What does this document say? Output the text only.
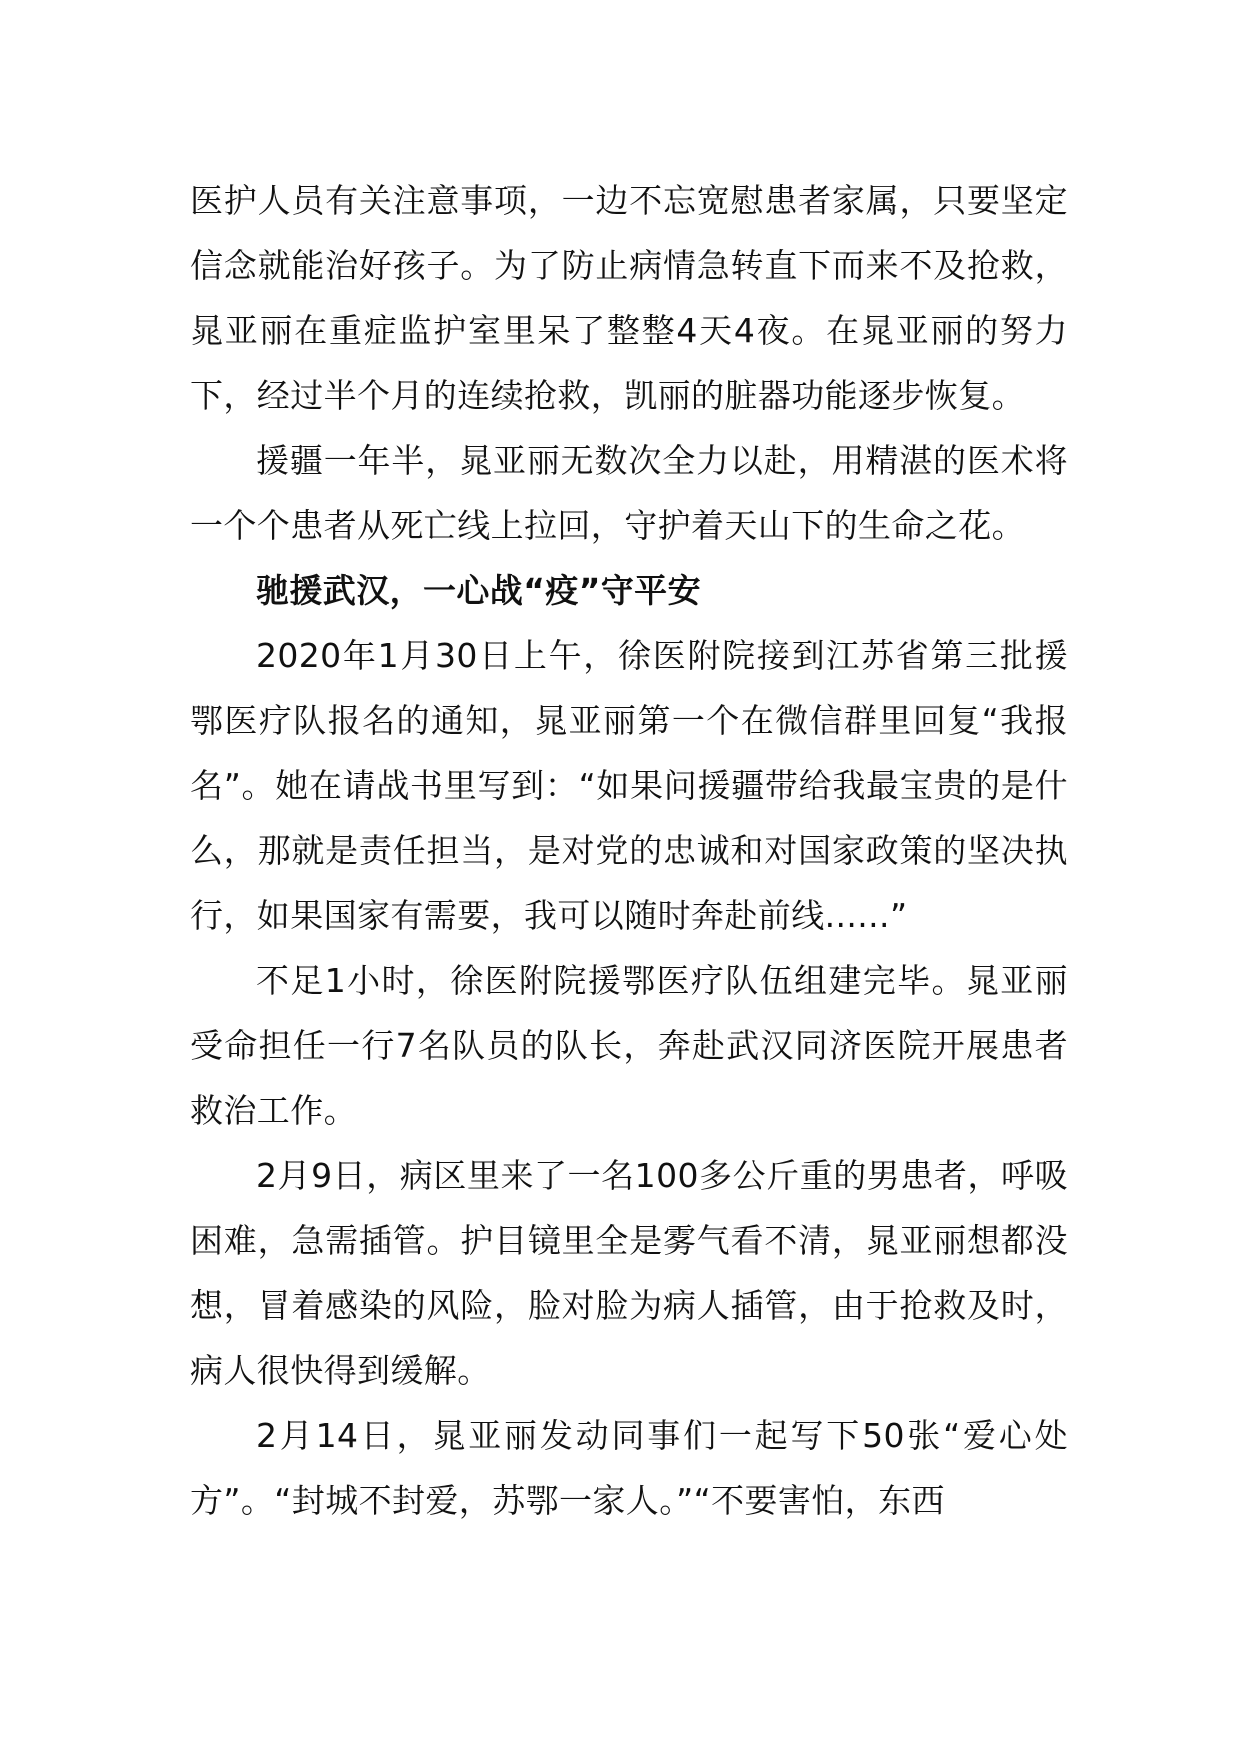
医护人员有关注意事项，一边不忘宽慰患者家属，只要坚定信念就能治好孩子。为了防止病情急转直下而来不及抢救，晁亚丽在重症监护室里呆了整整4天4夜。在晁亚丽的努力下，经过半个月的连续抢救，凯丽的脏器功能逐步恢复。

援疆一年半，晁亚丽无数次全力以赴，用精湛的医术将一个个患者从死亡线上拉回，守护着天山下的生命之花。

驰援武汉，一心战“疫”守平安

2020年1月30日上午，徐医附院接到江苏省第三批援鄂医疗队报名的通知，晁亚丽第一个在微信群里回复“我报名”。她在请战书里写到：“如果问援疆带给我最宝贵的是什么，那就是责任担当，是对党的忠诚和对国家政策的坚决执行，如果国家有需要，我可以随时奔赴前线......”

不足1小时，徐医附院援鄂医疗队伍组建完毕。晁亚丽受命担任一行7名队员的队长，奔赴武汉同济医院开展患者救治工作。

2月9日，病区里来了一名100多公斤重的男患者，呼吸困难，急需插管。护目镜里全是雾气看不清，晁亚丽想都没想，冒着感染的风险，脸对脸为病人插管，由于抢救及时，病人很快得到缓解。

2月14日，晁亚丽发动同事们一起写下50张“爱心处方”。“封城不封爱，苏鄂一家人。”“不要害怕，东西
